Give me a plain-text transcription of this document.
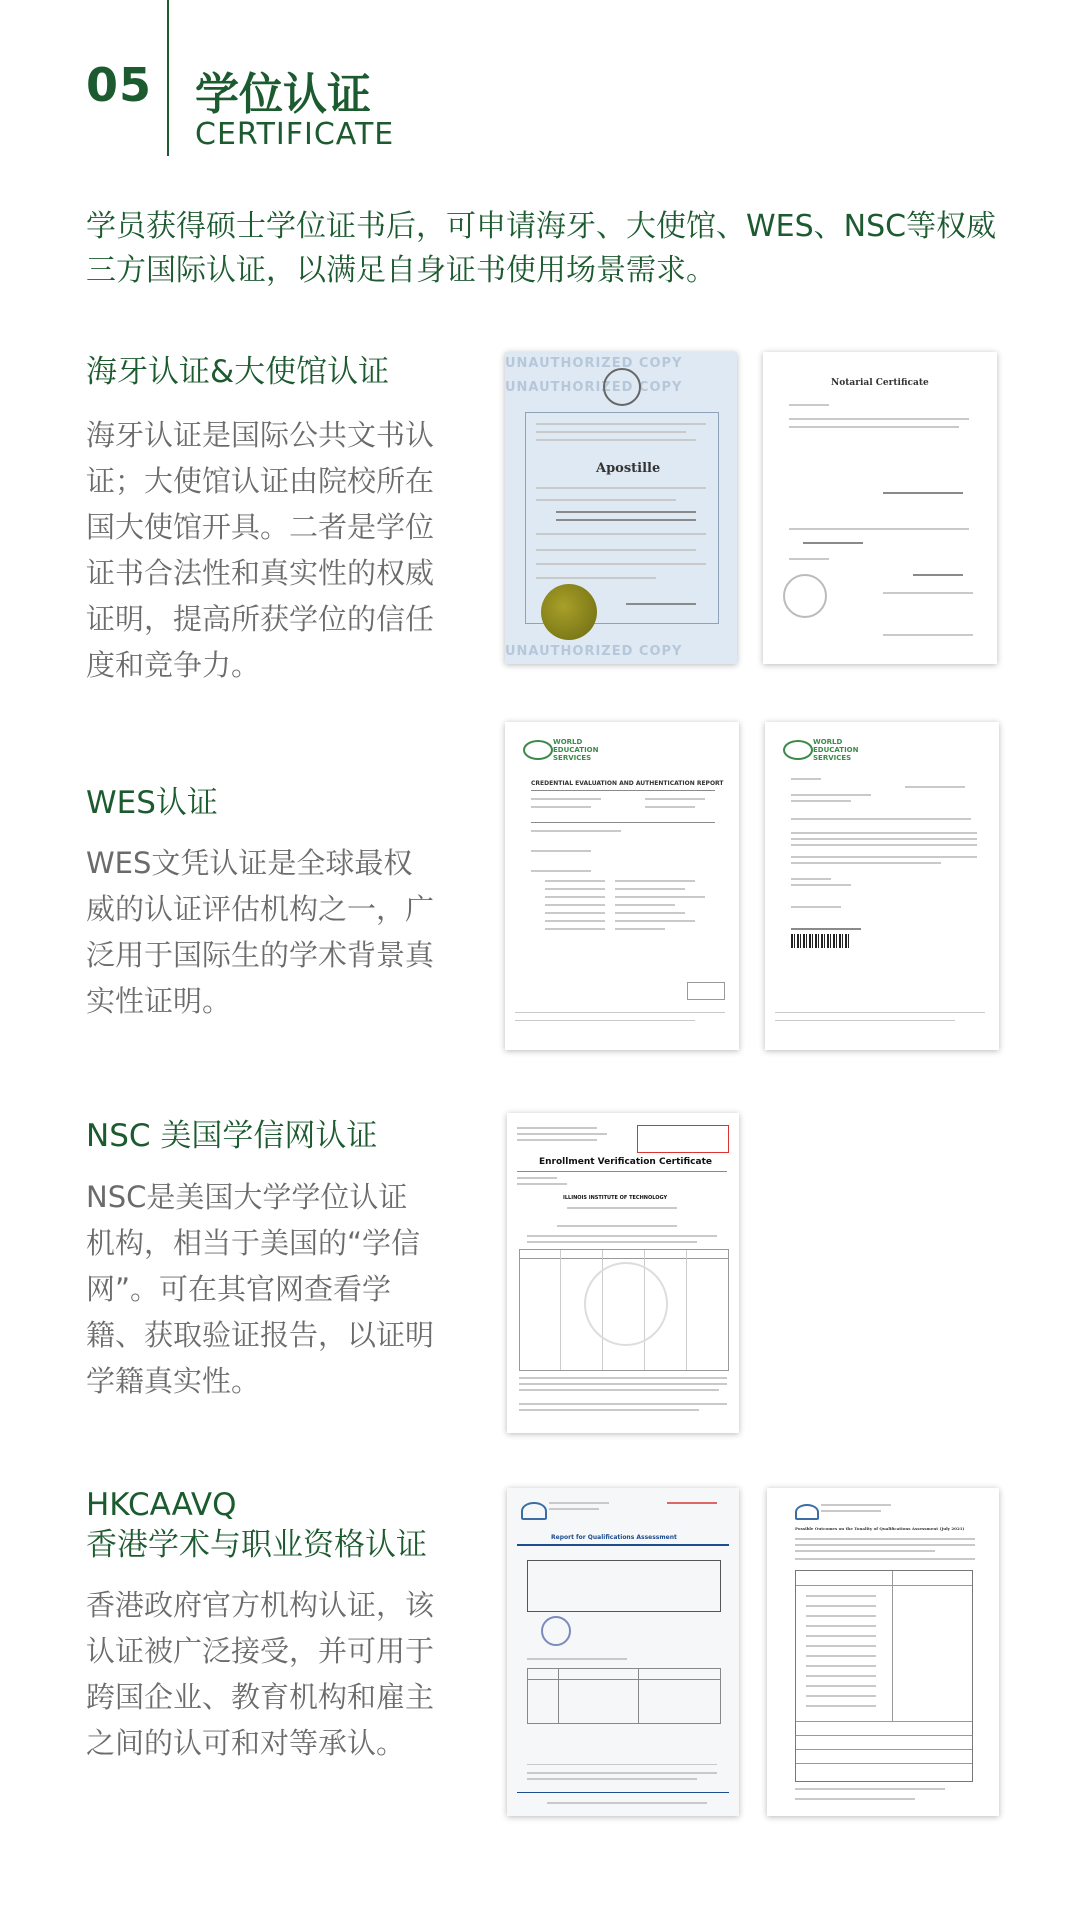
05 学位认证
CERTIFICATE
学员获得硕士学位证书后，可申请海牙、大使馆、WES、NSC等权威三方国际认证，以满足自身证书使用场景需求。
海牙认证&大使馆认证
海牙认证是国际公共文书认证；大使馆认证由院校所在国大使馆开具。二者是学位证书合法性和真实性的权威证明，提高所获学位的信任度和竞争力。
UNAUTHORIZED COPY
UNAUTHORIZED COPY
UNAUTHORIZED COPY
Apostille
Notarial Certificate
WES认证
WES文凭认证是全球最权威的认证评估机构之一，广泛用于国际生的学术背景真实性证明。
WORLD EDUCATION SERVICES
CREDENTIAL EVALUATION AND AUTHENTICATION REPORT
WORLD EDUCATION SERVICES
NSC 美国学信网认证
NSC是美国大学学位认证机构，相当于美国的“学信网”。可在其官网查看学籍、获取验证报告，以证明学籍真实性。
Enrollment Verification Certificate
ILLINOIS INSTITUTE OF TECHNOLOGY
HKCAAVQ
香港学术与职业资格认证
香港政府官方机构认证，该认证被广泛接受，并可用于跨国企业、教育机构和雇主之间的认可和对等承认。
Report for Qualifications Assessment
Possible Outcomes on the Tonality of Qualifications Assessment (July 2021)
